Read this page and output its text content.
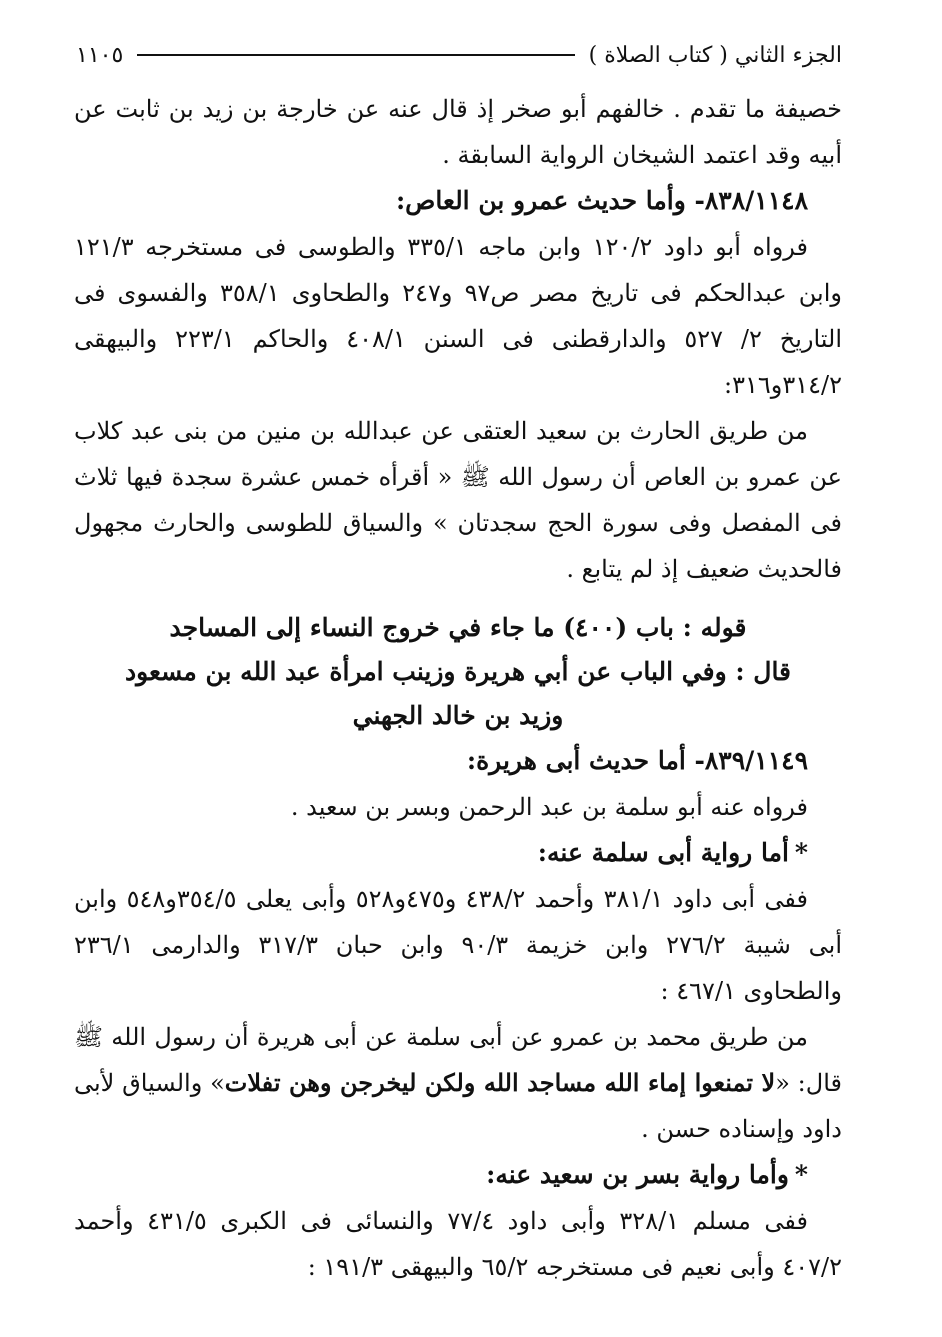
الجزء الثاني ( كتاب الصلاة )
١١٠٥

خصيفة ما تقدم . خالفهم أبو صخر إذ قال عنه عن خارجة بن زيد بن ثابت عن أبيه وقد اعتمد الشيخان الرواية السابقة .

٨٣٨/١١٤٨- وأما حديث عمرو بن العاص:

فرواه أبو داود ١٢٠/٢ وابن ماجه ٣٣٥/١ والطوسى فى مستخرجه ١٢١/٣ وابن عبدالحكم فى تاريخ مصر ص٩٧ و٢٤٧ والطحاوى ٣٥٨/١ والفسوى فى التاريخ ٢/ ٥٢٧ والدارقطنى فى السنن ٤٠٨/١ والحاكم ٢٢٣/١ والبيهقى ٣١٤/٢و٣١٦:

من طريق الحارث بن سعيد العتقى عن عبدالله بن منين من بنى عبد كلاب عن عمرو بن العاص أن رسول الله ﷺ « أقرأه خمس عشرة سجدة فيها ثلاث فى المفصل وفى سورة الحج سجدتان » والسياق للطوسى والحارث مجهول فالحديث ضعيف إذ لم يتابع .

قوله : باب (٤٠٠) ما جاء في خروج النساء إلى المساجد

قال : وفي الباب عن أبي هريرة وزينب امرأة عبد الله بن مسعود

وزيد بن خالد الجهني

٨٣٩/١١٤٩- أما حديث أبى هريرة:

فرواه عنه أبو سلمة بن عبد الرحمن وبسر بن سعيد .

*أما رواية أبى سلمة عنه:

ففى أبى داود ٣٨١/١ وأحمد ٤٣٨/٢ و٤٧٥و٥٢٨ وأبى يعلى ٣٥٤/٥و٥٤٨ وابن أبى شيبة ٢٧٦/٢ وابن خزيمة ٩٠/٣ وابن حبان ٣١٧/٣ والدارمى ٢٣٦/١ والطحاوى ٤٦٧/١ :

من طريق محمد بن عمرو عن أبى سلمة عن أبى هريرة أن رسول الله ﷺ قال: «لا تمنعوا إماء الله مساجد الله ولكن ليخرجن وهن تفلات» والسياق لأبى داود وإسناده حسن .

*وأما رواية بسر بن سعيد عنه:

ففى مسلم ٣٢٨/١ وأبى داود ٧٧/٤ والنسائى فى الكبرى ٤٣١/٥ وأحمد ٤٠٧/٢ وأبى نعيم فى مستخرجه ٦٥/٢ والبيهقى ١٩١/٣ :
